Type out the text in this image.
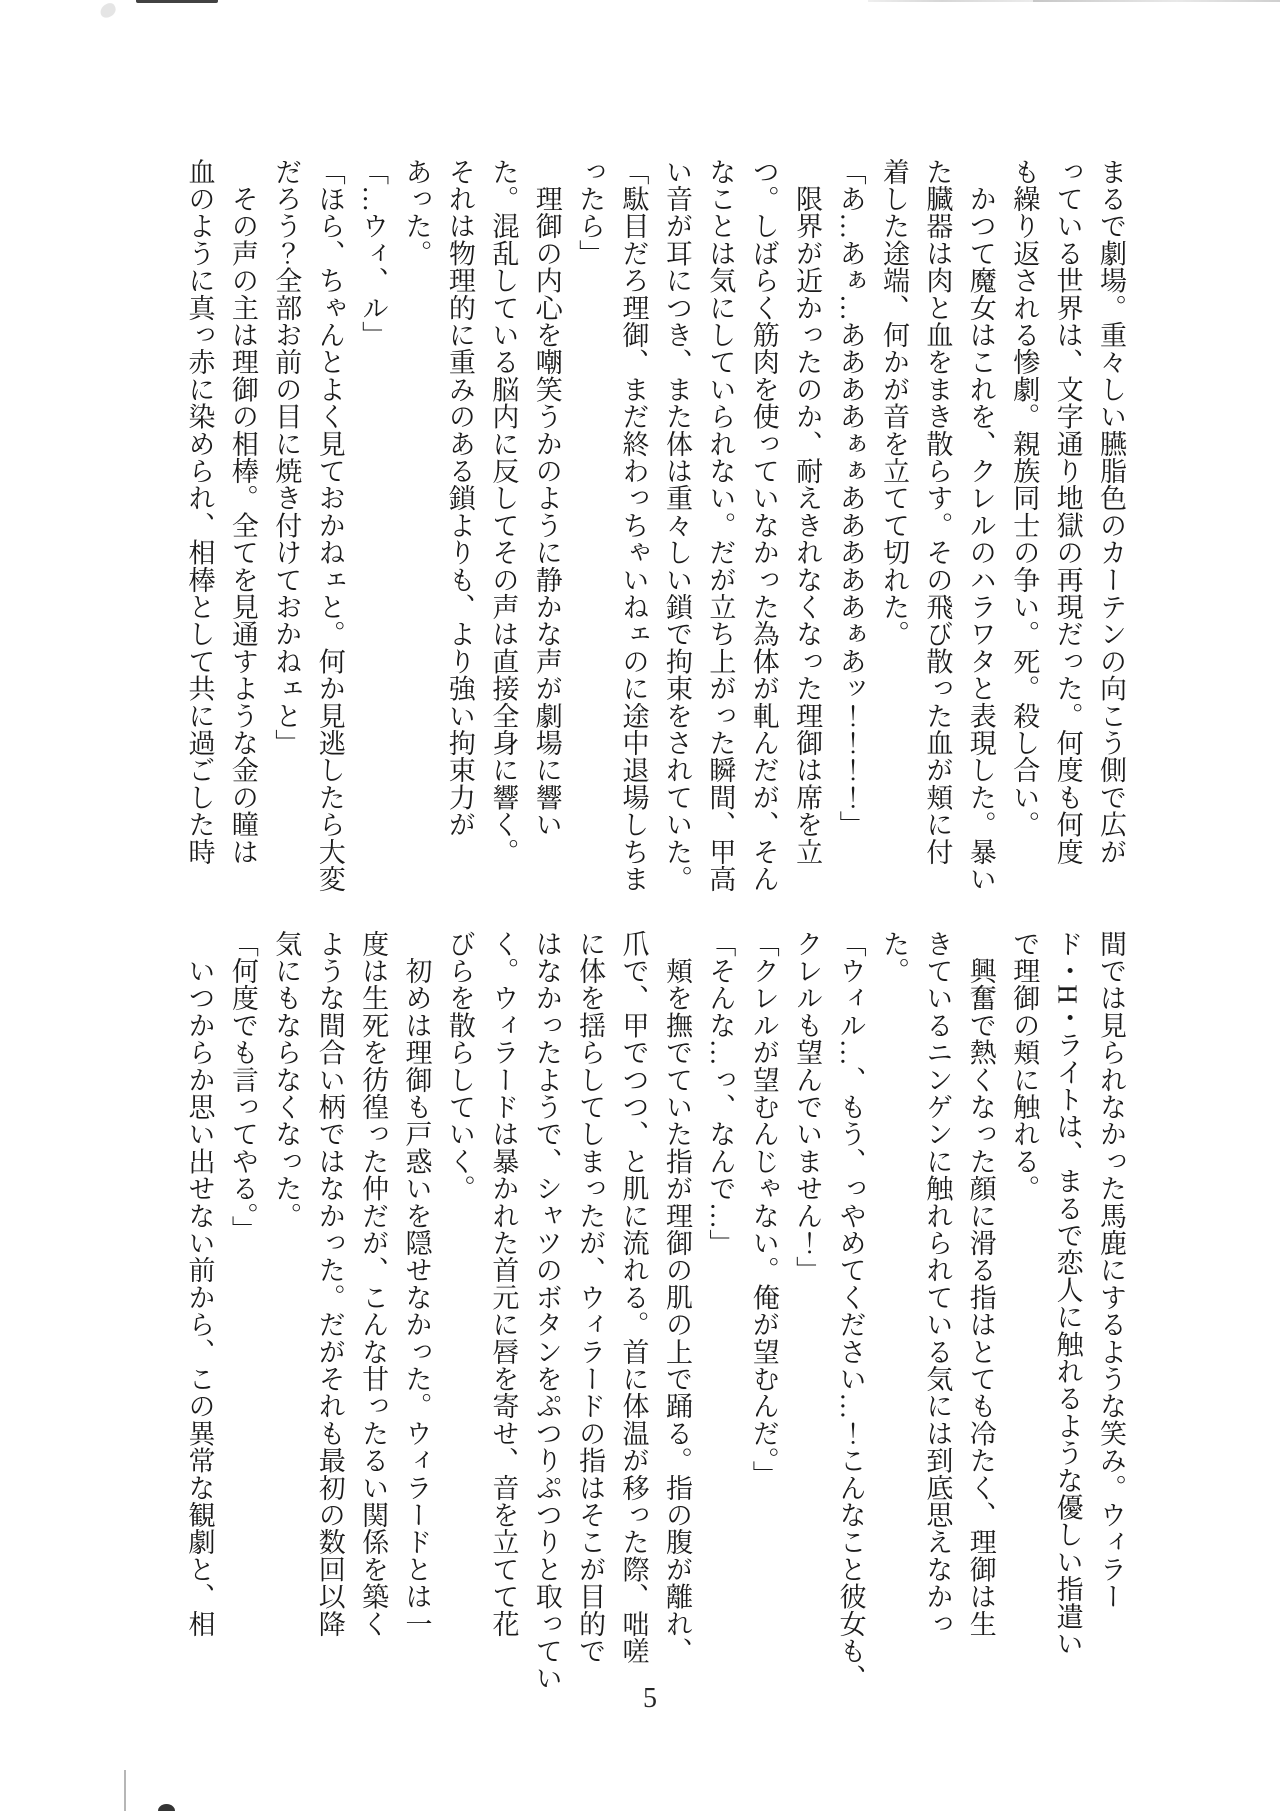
まるで劇場。重々しい臙脂色のカーテンの向こう側で広が
っている世界は、文字通り地獄の再現だった。何度も何度
も繰り返される惨劇。親族同士の争い。死。殺し合い。
　かつて魔女はこれを、クレルのハラワタと表現した。暴い
た臓器は肉と血をまき散らす。その飛び散った血が頬に付
着した途端、何かが音を立てて切れた。
「あ…あぁ…ああああぁぁあああああぁあッ！！！！」
　限界が近かったのか、耐えきれなくなった理御は席を立
つ。しばらく筋肉を使っていなかった為体が軋んだが、そん
なことは気にしていられない。だが立ち上がった瞬間、甲高
い音が耳につき、また体は重々しい鎖で拘束をされていた。
「駄目だろ理御、まだ終わっちゃいねェのに途中退場しちま
ったら」
　理御の内心を嘲笑うかのように静かな声が劇場に響い
た。混乱している脳内に反してその声は直接全身に響く。
それは物理的に重みのある鎖よりも、より強い拘束力が
あった。
「…ウィ、ル」
「ほら、ちゃんとよく見ておかねェと。何か見逃したら大変
だろう？全部お前の目に焼き付けておかねェと」
　その声の主は理御の相棒。全てを見通すような金の瞳は
血のように真っ赤に染められ、相棒として共に過ごした時
間では見られなかった馬鹿にするような笑み。ウィラー
ド・H・ライトは、まるで恋人に触れるような優しい指遣い
で理御の頬に触れる。
　興奮で熱くなった顔に滑る指はとても冷たく、理御は生
きているニンゲンに触れられている気には到底思えなかっ
た。
「ウィル…、もう、っやめてください…！こんなこと彼女も、
クレルも望んでいません！」
「クレルが望むんじゃない。俺が望むんだ。」
「そんな…っ、なんで…」
　頬を撫でていた指が理御の肌の上で踊る。指の腹が離れ、
爪で、甲でつつ、と肌に流れる。首に体温が移った際、咄嗟
に体を揺らしてしまったが、ウィラードの指はそこが目的で
はなかったようで、シャツのボタンをぷつりぷつりと取ってい
く。ウィラードは暴かれた首元に唇を寄せ、音を立てて花
びらを散らしていく。
　初めは理御も戸惑いを隠せなかった。ウィラードとは一
度は生死を彷徨った仲だが、こんな甘ったるい関係を築く
ような間合い柄ではなかった。だがそれも最初の数回以降
気にもならなくなった。
「何度でも言ってやる。」
　いつからか思い出せない前から、この異常な観劇と、相
5
